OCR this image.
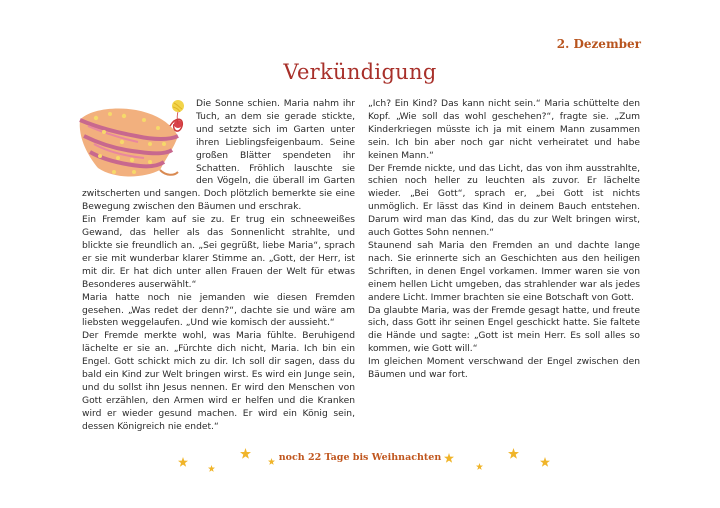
2. Dezember
Verkündigung

Die Sonne schien. Maria nahm ihr Tuch, an dem sie gerade stickte, und setzte sich im Garten unter ihren Lieblingsfeigenbaum. Seine großen Blätter spendeten ihr Schatten. Fröhlich lauschte sie den Vögeln, die überall im Garten zwitscherten und sangen. Doch plötzlich bemerkte sie eine Bewegung zwischen den Bäumen und erschrak.

Ein Fremder kam auf sie zu. Er trug ein schneeweißes Gewand, das heller als das Sonnenlicht strahlte, und blickte sie freundlich an. „Sei gegrüßt, liebe Maria“, sprach er sie mit wunderbar klarer Stimme an. „Gott, der Herr, ist mit dir. Er hat dich unter allen Frauen der Welt für etwas Besonderes auserwählt.“

Maria hatte noch nie jemanden wie diesen Fremden gesehen. „Was redet der denn?“, dachte sie und wäre am liebsten weggelaufen. „Und wie komisch der aussieht.“

Der Fremde merkte wohl, was Maria fühlte. Beruhigend lächelte er sie an. „Fürchte dich nicht, Maria. Ich bin ein Engel. Gott schickt mich zu dir. Ich soll dir sagen, dass du bald ein Kind zur Welt bringen wirst. Es wird ein Junge sein, und du sollst ihn Jesus nennen. Er wird den Menschen von Gott erzählen, den Armen wird er helfen und die Kranken wird er wieder gesund machen. Er wird ein König sein, dessen Königreich nie endet.“

„Ich? Ein Kind? Das kann nicht sein.“ Maria schüttelte den Kopf. „Wie soll das wohl geschehen?“, fragte sie. „Zum Kinderkriegen müsste ich ja mit einem Mann zusammen sein. Ich bin aber noch gar nicht verheiratet und habe keinen Mann.“

Der Fremde nickte, und das Licht, das von ihm ausstrahlte, schien noch heller zu leuchten als zuvor. Er lächelte wieder. „Bei Gott“, sprach er, „bei Gott ist nichts unmöglich. Er lässt das Kind in deinem Bauch entstehen. Darum wird man das Kind, das du zur Welt bringen wirst, auch Gottes Sohn nennen.“

Staunend sah Maria den Fremden an und dachte lange nach. Sie erinnerte sich an Geschichten aus den heiligen Schriften, in denen Engel vorkamen. Immer waren sie von einem hellen Licht umgeben, das strahlender war als jedes andere Licht. Immer brachten sie eine Botschaft von Gott.

Da glaubte Maria, was der Fremde gesagt hatte, und freute sich, dass Gott ihr seinen Engel geschickt hatte. Sie faltete die Hände und sagte: „Gott ist mein Herr. Es soll alles so kommen, wie Gott will.“

Im gleichen Moment verschwand der Engel zwischen den Bäumen und war fort.

noch 22 Tage bis Weihnachten
